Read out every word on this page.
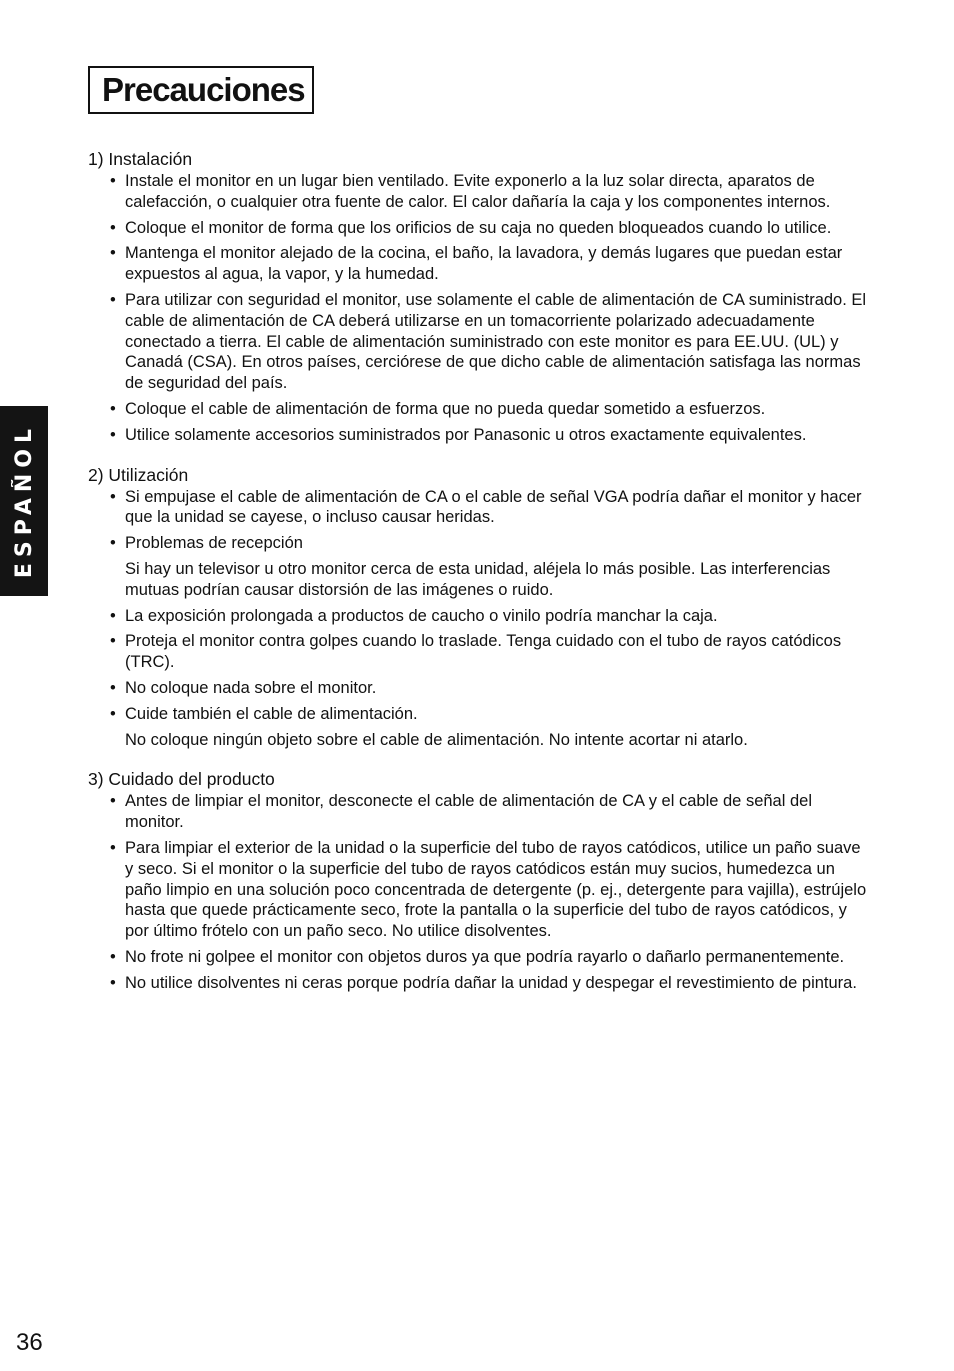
Precauciones
ESPAÑOL
1) Instalación
• Instale el monitor en un lugar bien ventilado. Evite exponerlo a la luz solar directa, aparatos de calefacción, o cualquier otra fuente de calor. El calor dañaría la caja y los componentes internos.

• Coloque el monitor de forma que los orificios de su caja no queden bloqueados cuando lo utilice.

• Mantenga el monitor alejado de la cocina, el baño, la lavadora, y demás lugares que puedan estar expuestos al agua, la vapor, y la humedad.

• Para utilizar con seguridad el monitor, use solamente el cable de alimentación de CA suministrado. El cable de alimentación de CA deberá utilizarse en un tomacorriente polarizado adecuadamente conectado a tierra. El cable de alimentación suministrado con este monitor es para EE.UU. (UL) y Canadá (CSA). En otros países, cerciórese de que dicho cable de alimentación satisfaga las normas de seguridad del país.

• Coloque el cable de alimentación de forma que no pueda quedar sometido a esfuerzos.

• Utilice solamente accesorios suministrados por Panasonic u otros exactamente equivalentes.

2) Utilización
• Si empujase el cable de alimentación de CA o el cable de señal VGA podría dañar el monitor y hacer que la unidad se cayese, o incluso causar heridas.

• Problemas de recepción

Si hay un televisor u otro monitor cerca de esta unidad, aléjela lo más posible. Las interferencias mutuas podrían causar distorsión de las imágenes o ruido.

• La exposición prolongada a productos de caucho o vinilo podría manchar la caja.

• Proteja el monitor contra golpes cuando lo traslade. Tenga cuidado con el tubo de rayos catódicos (TRC).

• No coloque nada sobre el monitor.

• Cuide también el cable de alimentación.

No coloque ningún objeto sobre el cable de alimentación. No intente acortar ni atarlo.

3) Cuidado del producto
• Antes de limpiar el monitor, desconecte el cable de alimentación de CA y el cable de señal del monitor.

• Para limpiar el exterior de la unidad o la superficie del tubo de rayos catódicos, utilice un paño suave y seco. Si el monitor o la superficie del tubo de rayos catódicos están muy sucios, humedezca un paño limpio en una solución poco concentrada de detergente (p. ej., detergente para vajilla), estrújelo hasta que quede prácticamente seco, frote la pantalla o la superficie del tubo de rayos catódicos, y por último frótelo con un paño seco. No utilice disolventes.

• No frote ni golpee el monitor con objetos duros ya que podría rayarlo o dañarlo permanentemente.

• No utilice disolventes ni ceras porque podría dañar la unidad y despegar el revestimiento de pintura.

36
